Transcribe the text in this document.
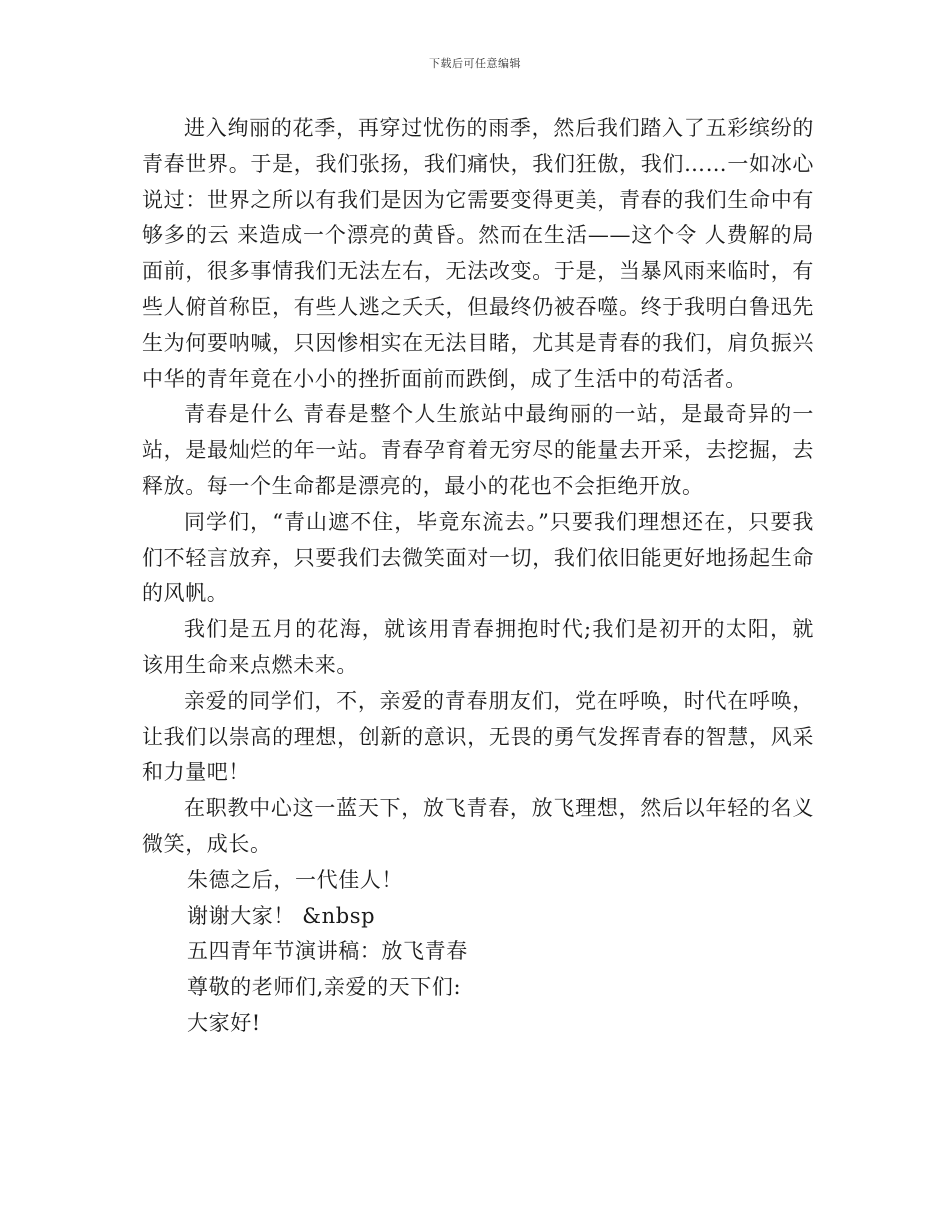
下载后可任意编辑

进入绚丽的花季，再穿过忧伤的雨季，然后我们踏入了五彩缤纷的青春世界。于是，我们张扬，我们痛快，我们狂傲，我们……一如冰心说过：世界之所以有我们是因为它需要变得更美，青春的我们生命中有够多的云 来造成一个漂亮的黄昏。然而在生活——这个令 人费解的局面前，很多事情我们无法左右，无法改变。于是，当暴风雨来临时，有些人俯首称臣，有些人逃之夭夭，但最终仍被吞噬。终于我明白鲁迅先生为何要呐喊，只因惨相实在无法目睹，尤其是青春的我们，肩负振兴中华的青年竟在小小的挫折面前而跌倒，成了生活中的苟活者。

青春是什么 青春是整个人生旅站中最绚丽的一站，是最奇异的一站，是最灿烂的年一站。青春孕育着无穷尽的能量去开采，去挖掘，去释放。每一个生命都是漂亮的，最小的花也不会拒绝开放。

同学们，“青山遮不住，毕竟东流去。”只要我们理想还在，只要我们不轻言放弃，只要我们去微笑面对一切，我们依旧能更好地扬起生命的风帆。

我们是五月的花海，就该用青春拥抱时代;我们是初开的太阳，就该用生命来点燃未来。

亲爱的同学们，不，亲爱的青春朋友们，党在呼唤，时代在呼唤，让我们以崇高的理想，创新的意识，无畏的勇气发挥青春的智慧，风采和力量吧！

在职教中心这一蓝天下，放飞青春，放飞理想，然后以年轻的名义微笑，成长。

朱德之后，一代佳人！

谢谢大家！ &nbsp

五四青年节演讲稿：放飞青春

尊敬的老师们,亲爱的天下们:

大家好!
